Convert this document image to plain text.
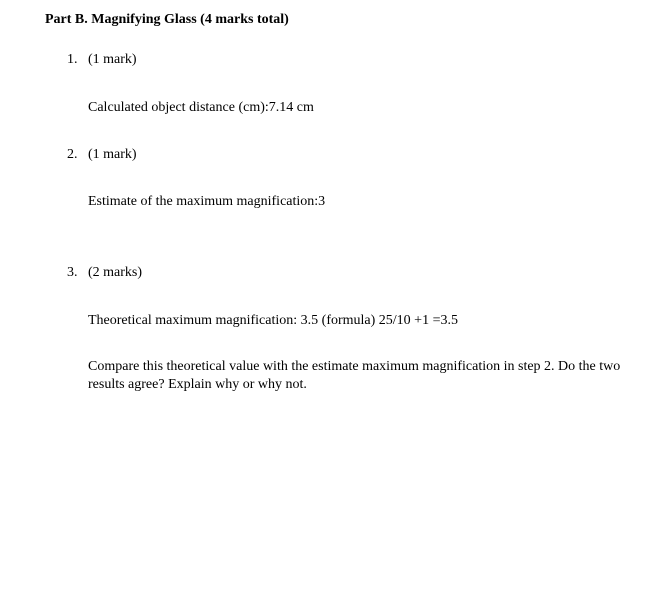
Part B. Magnifying Glass (4 marks total)
1. (1 mark)
Calculated object distance (cm):7.14 cm
2. (1 mark)
Estimate of the maximum magnification:3
3. (2 marks)
Theoretical maximum magnification: 3.5 (formula) 25/10 +1 =3.5
Compare this theoretical value with the estimate maximum magnification in step 2. Do the two results agree? Explain why or why not.
